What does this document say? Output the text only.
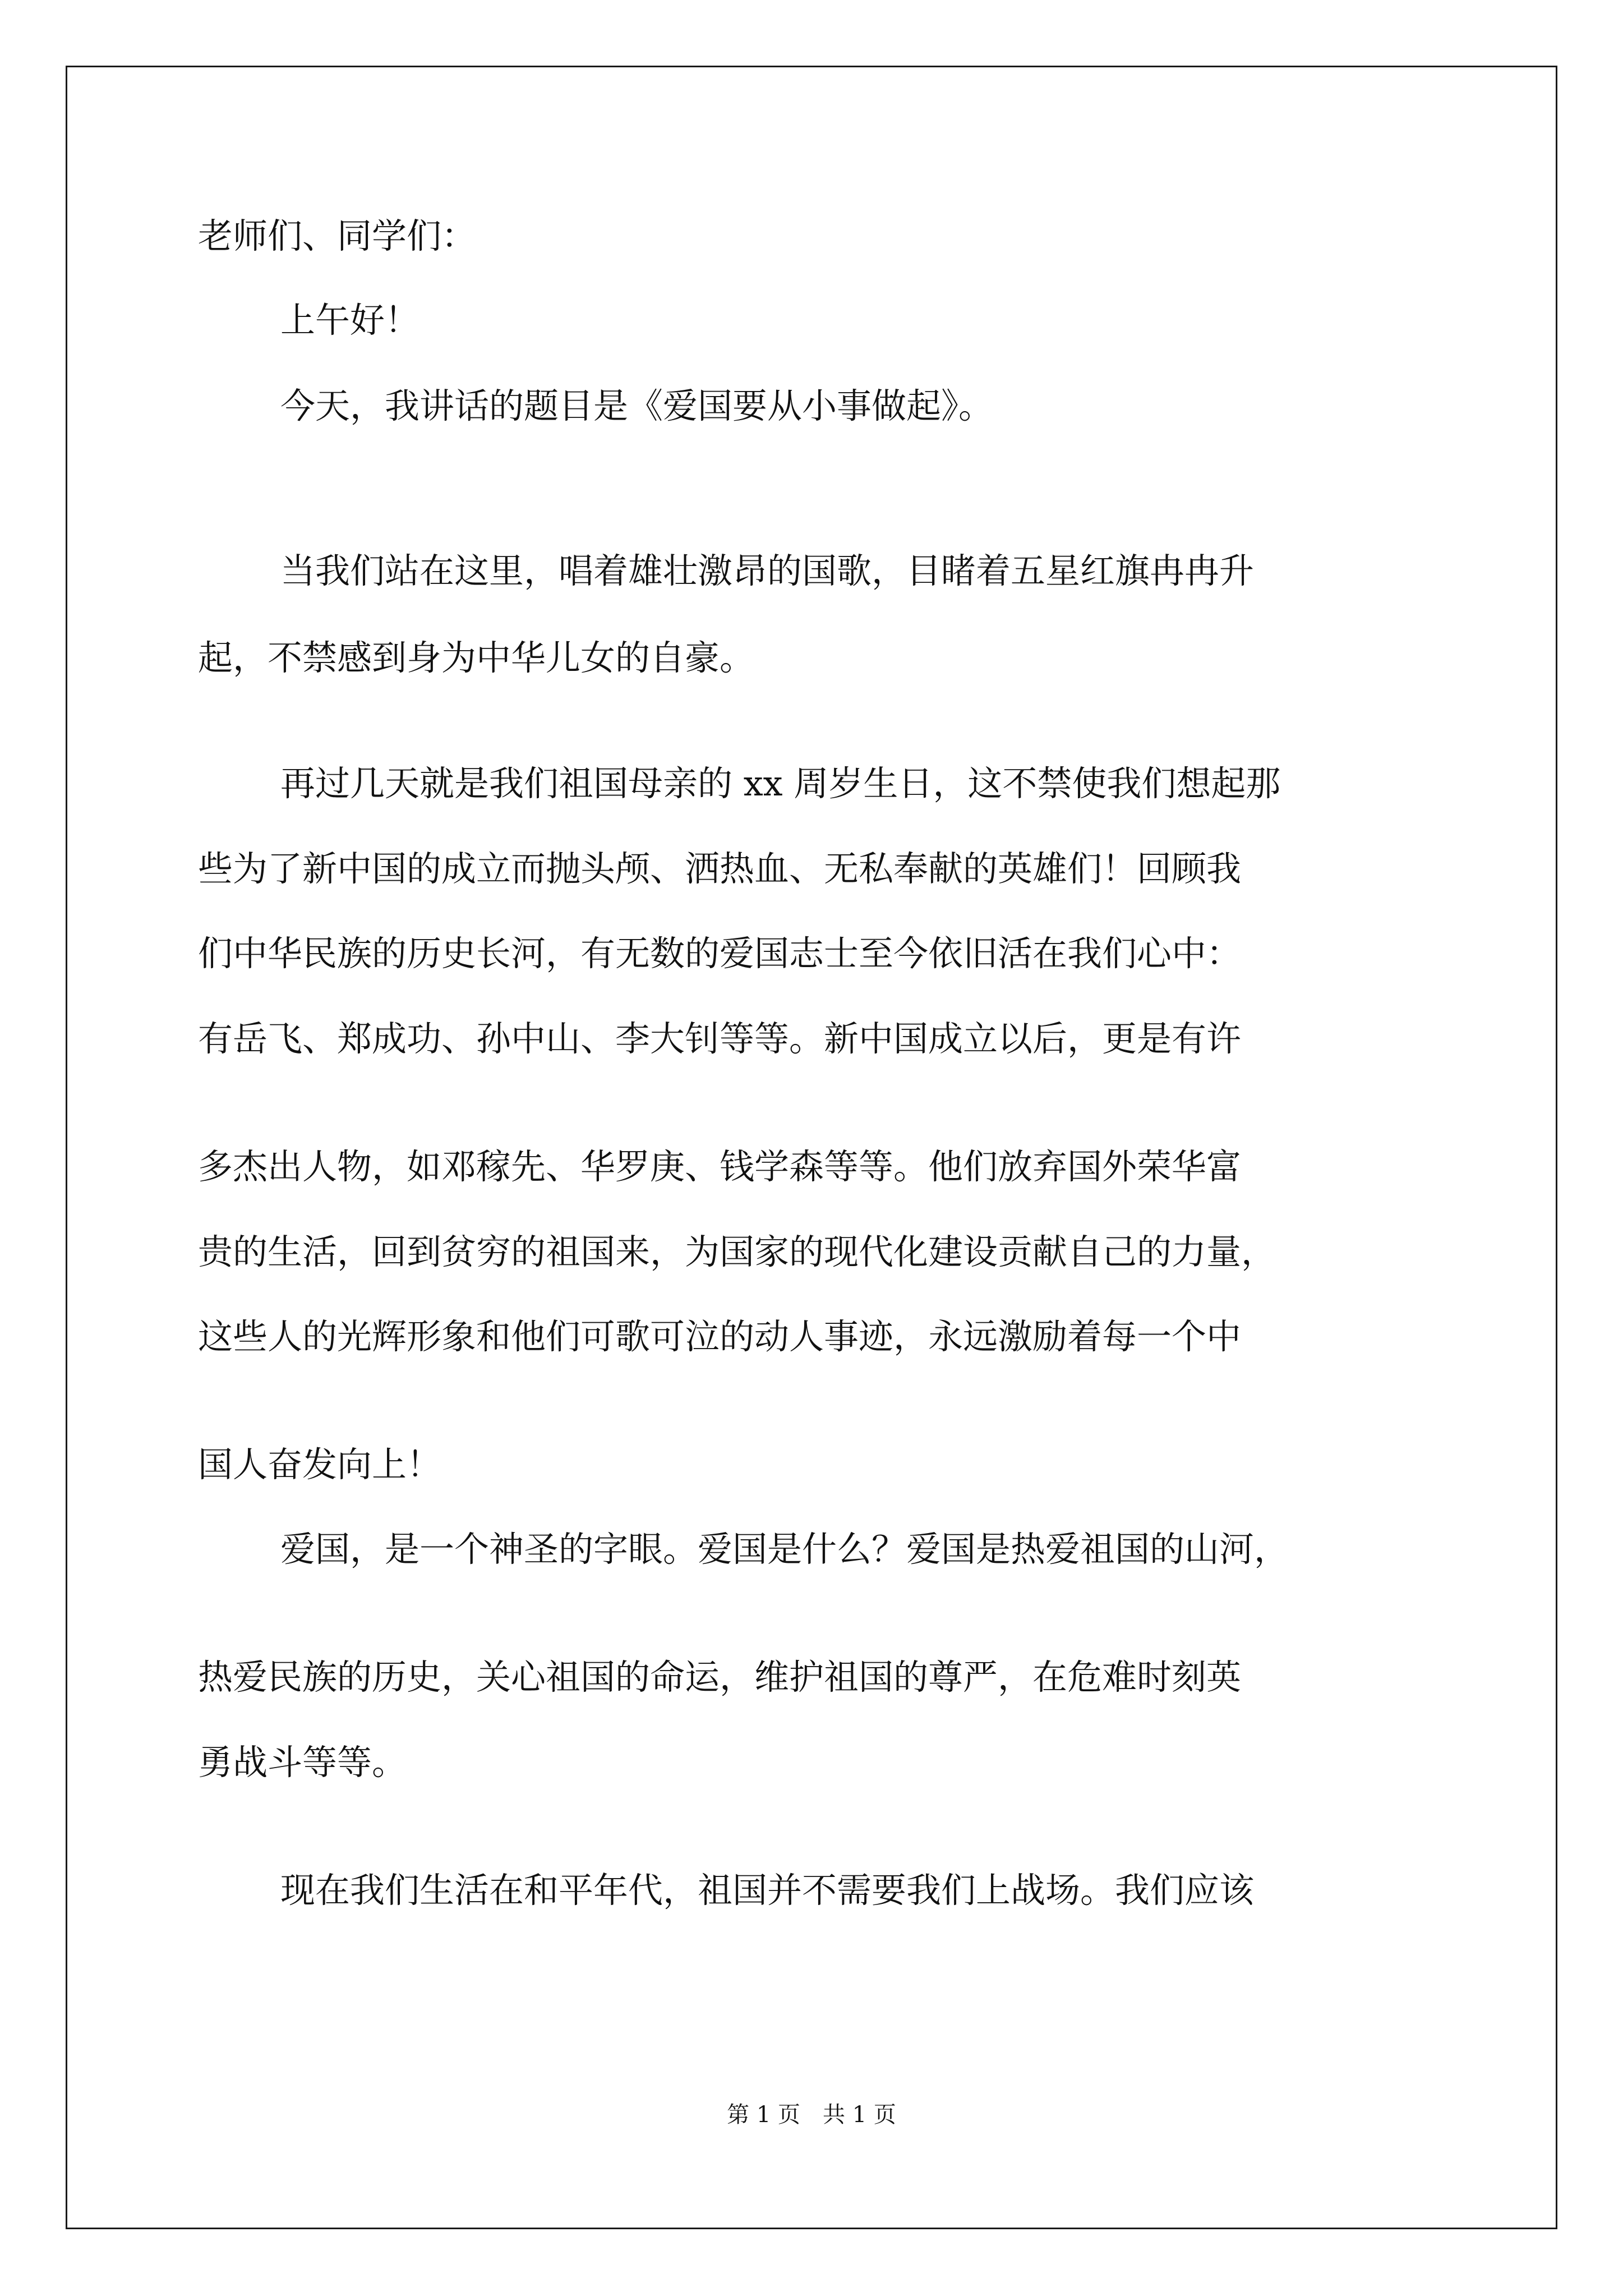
老师们、同学们：

上午好！

今天，我讲话的题目是《爱国要从小事做起》。

当我们站在这里，唱着雄壮激昂的国歌，目睹着五星红旗冉冉升

起，不禁感到身为中华儿女的自豪。

再过几天就是我们祖国母亲的 xx 周岁生日，这不禁使我们想起那

些为了新中国的成立而抛头颅、洒热血、无私奉献的英雄们！回顾我

们中华民族的历史长河，有无数的爱国志士至今依旧活在我们心中：

有岳飞、郑成功、孙中山、李大钊等等。新中国成立以后，更是有许

多杰出人物，如邓稼先、华罗庚、钱学森等等。他们放弃国外荣华富

贵的生活，回到贫穷的祖国来，为国家的现代化建设贡献自己的力量，

这些人的光辉形象和他们可歌可泣的动人事迹，永远激励着每一个中

国人奋发向上！

爱国，是一个神圣的字眼。爱国是什么？爱国是热爱祖国的山河，

热爱民族的历史，关心祖国的命运，维护祖国的尊严，在危难时刻英

勇战斗等等。

现在我们生活在和平年代，祖国并不需要我们上战场。我们应该

第 1 页　共 1 页
